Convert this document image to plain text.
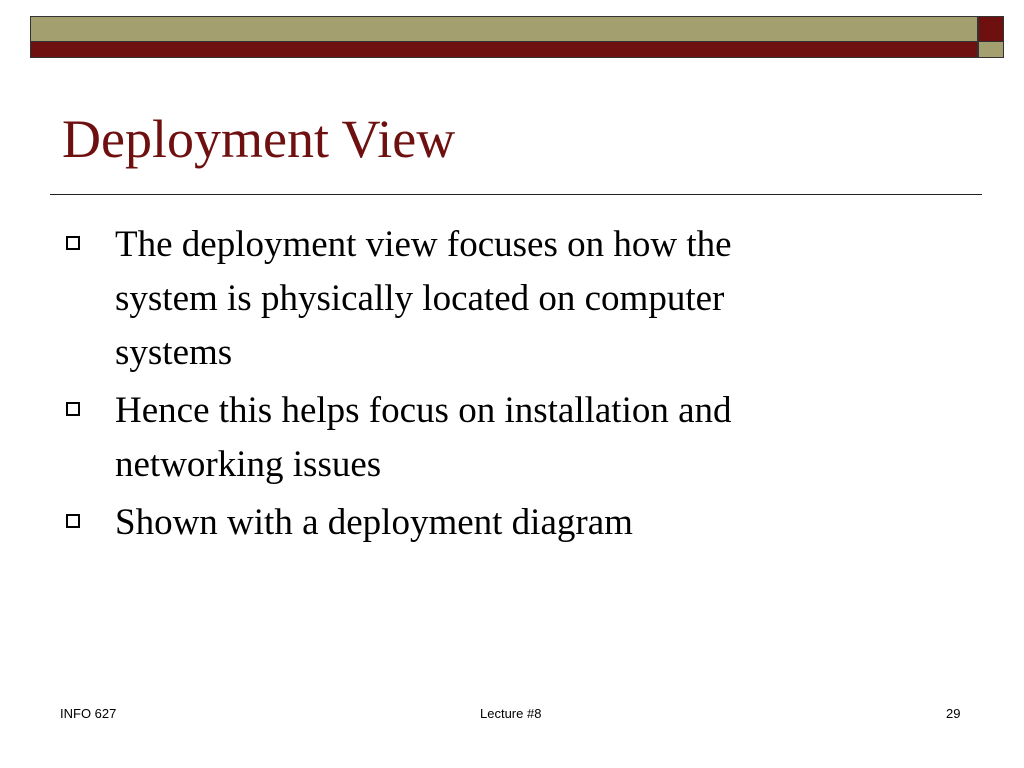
Deployment View
The deployment view focuses on how the system is physically located on computer systems
Hence this helps focus on installation and networking issues
Shown with a deployment diagram
INFO 627	Lecture #8	29
